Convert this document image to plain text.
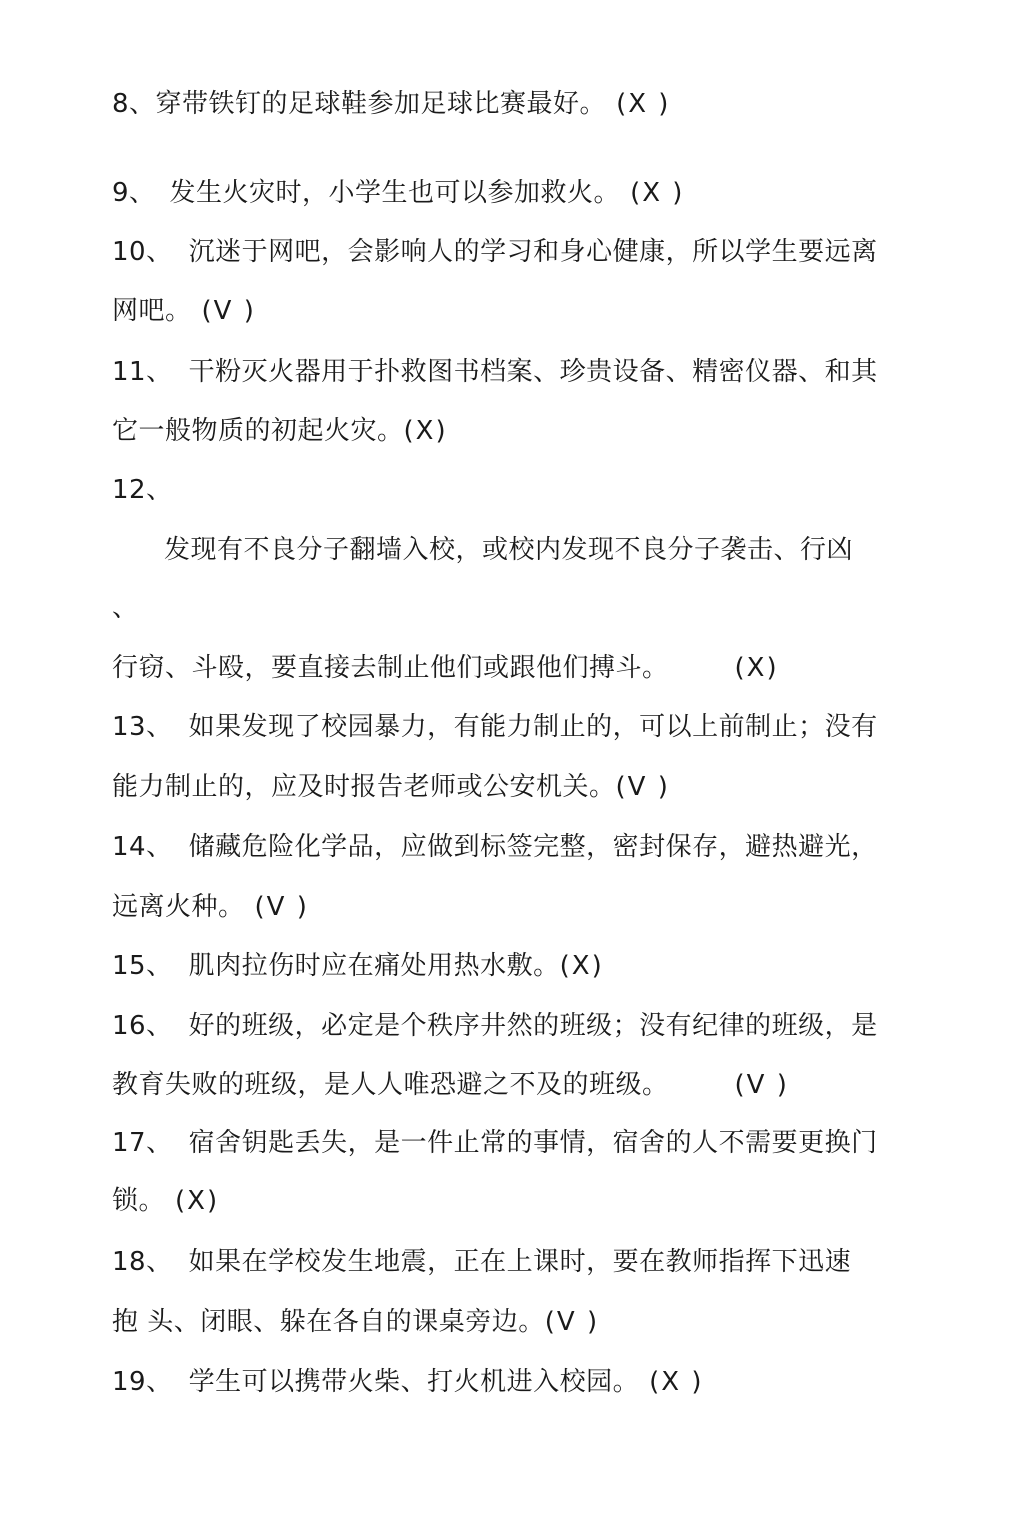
8、穿带铁钉的足球鞋参加足球比赛最好。 (X )
9、 发生火灾时，小学生也可以参加救火。 (X )
10、 沉迷于网吧，会影响人的学习和身心健康，所以学生要远离
网吧。 (V )
11、 干粉灭火器用于扑救图书档案、珍贵设备、精密仪器、和其
它一般物质的初起火灾。(X)
12、
发现有不良分子翻墙入校，或校内发现不良分子袭击、行凶
、
行窃、斗殴，要直接去制止他们或跟他们搏斗。	(X)
13、 如果发现了校园暴力，有能力制止的，可以上前制止；没有
能力制止的，应及时报告老师或公安机关。(V )
14、 储藏危险化学品，应做到标签完整，密封保存，避热避光，
远离火种。 (V )
15、 肌肉拉伤时应在痛处用热水敷。(X)
16、 好的班级，必定是个秩序井然的班级；没有纪律的班级，是
教育失败的班级，是人人唯恐避之不及的班级。	(V )
17、 宿舍钥匙丢失，是一件止常的事情，宿舍的人不需要更换门
锁。 (X)
18、 如果在学校发生地震，正在上课时，要在教师指挥下迅速
抱 头、闭眼、躲在各自的课桌旁边。(V )
19、 学生可以携带火柴、打火机进入校园。 (X )
